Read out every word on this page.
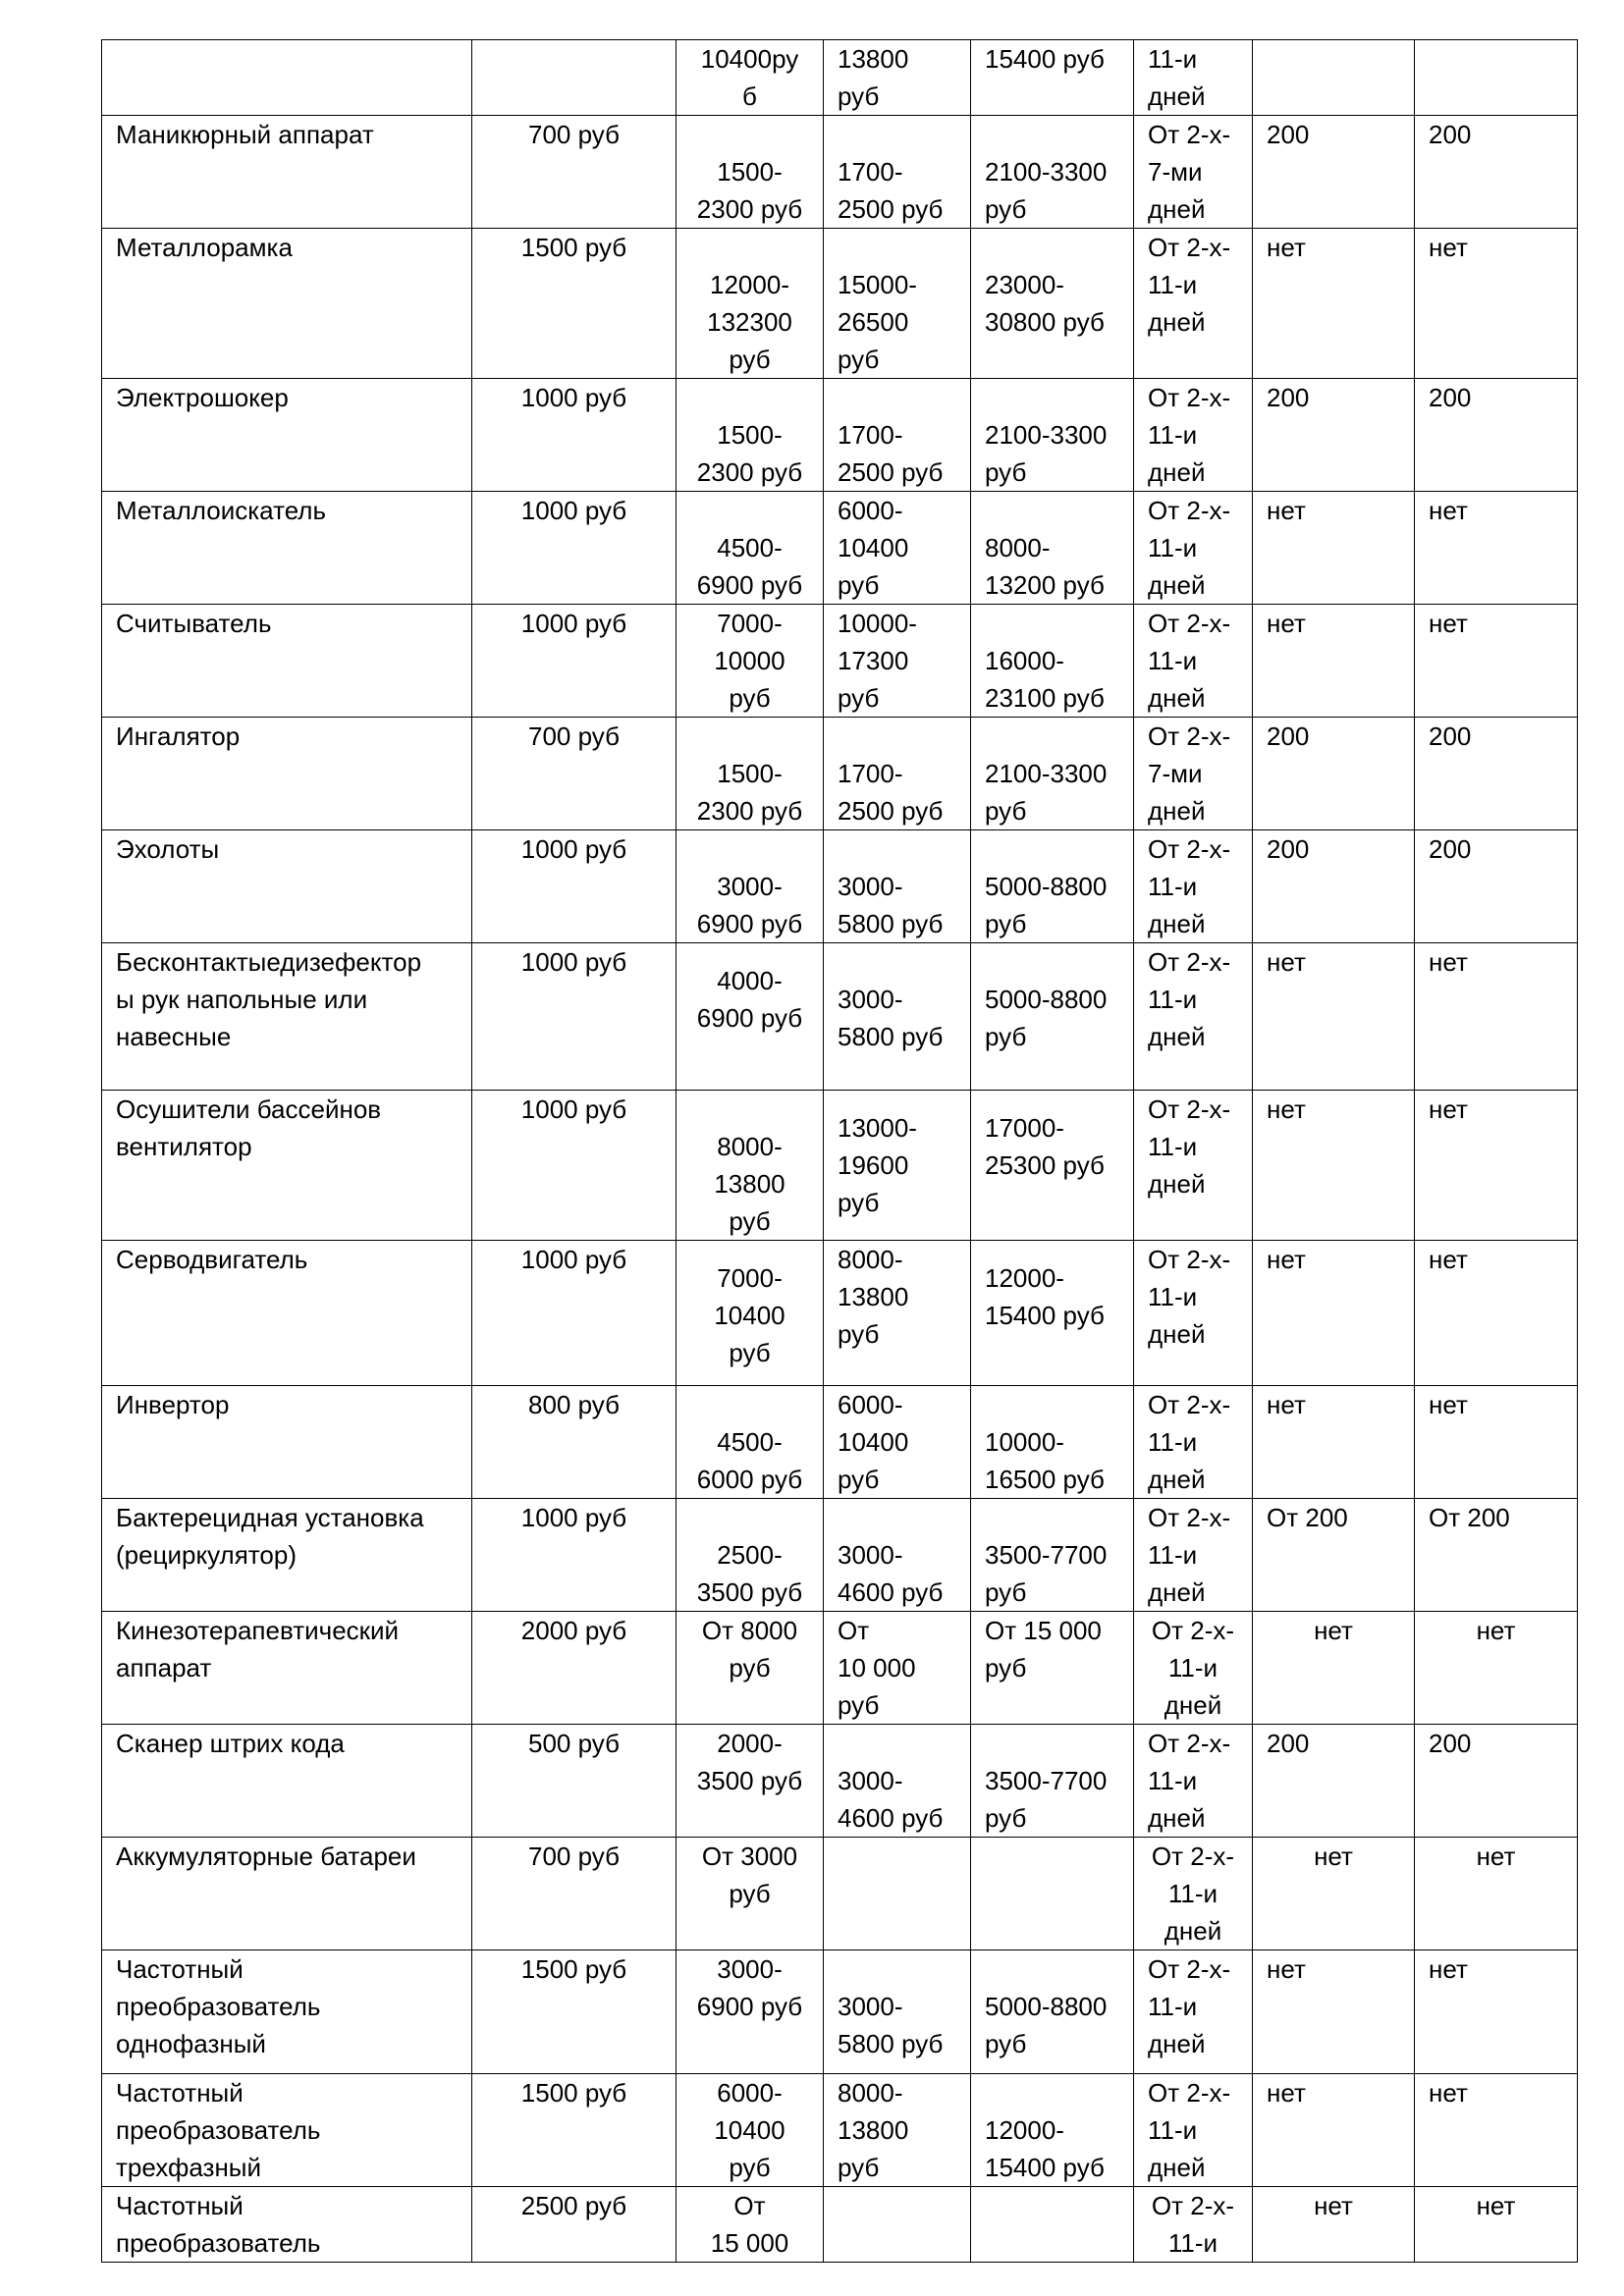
		10400ру
б	13800
руб	15400 руб	11-и
дней		

Маникюрный аппарат	700 руб	1500-
2300 руб	1700-
2500 руб	2100-3300
руб	От 2-х-
7-ми
дней	200	200

Металлорамка	1500 руб	12000-
132300
руб	15000-
26500
руб	23000-
30800 руб	От 2-х-
11-и
дней	нет	нет

Электрошокер	1000 руб	1500-
2300 руб	1700-
2500 руб	2100-3300
руб	От 2-х-
11-и
дней	200	200

Металлоискатель	1000 руб	4500-
6900 руб	6000-
10400
руб	8000-
13200 руб	От 2-х-
11-и
дней	нет	нет

Считыватель	1000 руб	7000-
10000
руб	10000-
17300
руб	16000-
23100 руб	От 2-х-
11-и
дней	нет	нет

Ингалятор	700 руб	1500-
2300 руб	1700-
2500 руб	2100-3300
руб	От 2-х-
7-ми
дней	200	200

Эхолоты	1000 руб	3000-
6900 руб	3000-
5800 руб	5000-8800
руб	От 2-х-
11-и
дней	200	200

Бесконтактыедизефектор
ы рук напольные или
навесные	1000 руб	4000-
6900 руб	3000-
5800 руб	5000-8800
руб	От 2-х-
11-и
дней	нет	нет

Осушители бассейнов
вентилятор	1000 руб	8000-
13800
руб	13000-
19600
руб	17000-
25300 руб	От 2-х-
11-и
дней	нет	нет

Серводвигатель	1000 руб	7000-
10400
руб	8000-
13800
руб	12000-
15400 руб	От 2-х-
11-и
дней	нет	нет

Инвертор	800 руб	4500-
6000 руб	6000-
10400
руб	10000-
16500 руб	От 2-х-
11-и
дней	нет	нет

Бактерецидная установка
(рециркулятор)	1000 руб	2500-
3500 руб	3000-
4600 руб	3500-7700
руб	От 2-х-
11-и
дней	От 200	От 200

Кинезотерапевтический
аппарат	2000 руб	От 8000
руб	От
10 000
руб	От 15 000
руб	От 2-х-
11-и
дней	нет	нет

Сканер штрих кода	500 руб	2000-
3500 руб	3000-
4600 руб	3500-7700
руб	От 2-х-
11-и
дней	200	200

Аккумуляторные батареи	700 руб	От 3000
руб			От 2-х-
11-и
дней	нет	нет

Частотный
преобразователь
однофазный	1500 руб	3000-
6900 руб	3000-
5800 руб	5000-8800
руб	От 2-х-
11-и
дней	нет	нет

Частотный
преобразователь
трехфазный	1500 руб	6000-
10400
руб	8000-
13800
руб	12000-
15400 руб	От 2-х-
11-и
дней	нет	нет

Частотный
преобразователь	2500 руб	От
15 000			От 2-х-
11-и	нет	нет
